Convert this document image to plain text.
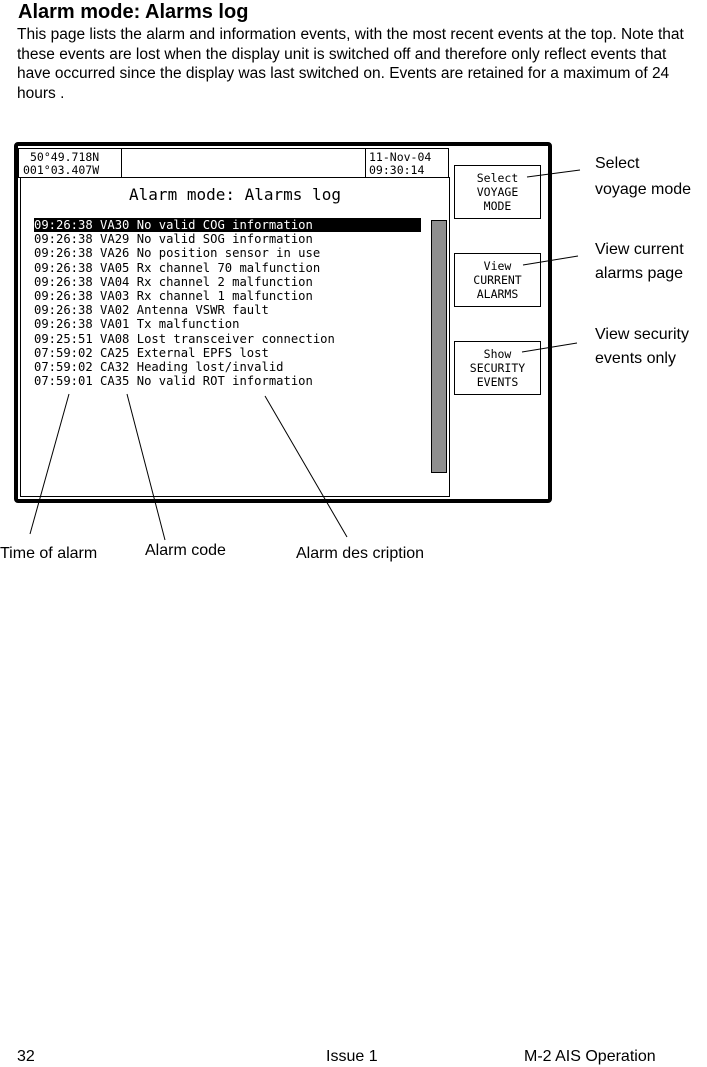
Alarm mode: Alarms log
This page lists the alarm and information events, with the most recent events at the top. Note that these events are lost when the display unit is switched off and therefore only reflect events that have occurred since the display was last switched on. Events are retained for a maximum of 24 hours .
50°49.718N
001°03.407W
11-Nov-04
09:30:14
Alarm mode: Alarms log
09:26:38 VA30 No valid COG information
09:26:38 VA29 No valid SOG information
09:26:38 VA26 No position sensor in use
09:26:38 VA05 Rx channel 70 malfunction
09:26:38 VA04 Rx channel 2 malfunction
09:26:38 VA03 Rx channel 1 malfunction
09:26:38 VA02 Antenna VSWR fault
09:26:38 VA01 Tx malfunction
09:25:51 VA08 Lost transceiver connection
07:59:02 CA25 External EPFS lost
07:59:02 CA32 Heading lost/invalid
07:59:01 CA35 No valid ROT information
Select
VOYAGE
MODE
View
CURRENT
ALARMS
Show
SECURITY
EVENTS
Select
voyage mode
View current
alarms page
View security
events only
Time of alarm	Alarm code	Alarm des cription
32	Issue 1	M-2 AIS Operation
